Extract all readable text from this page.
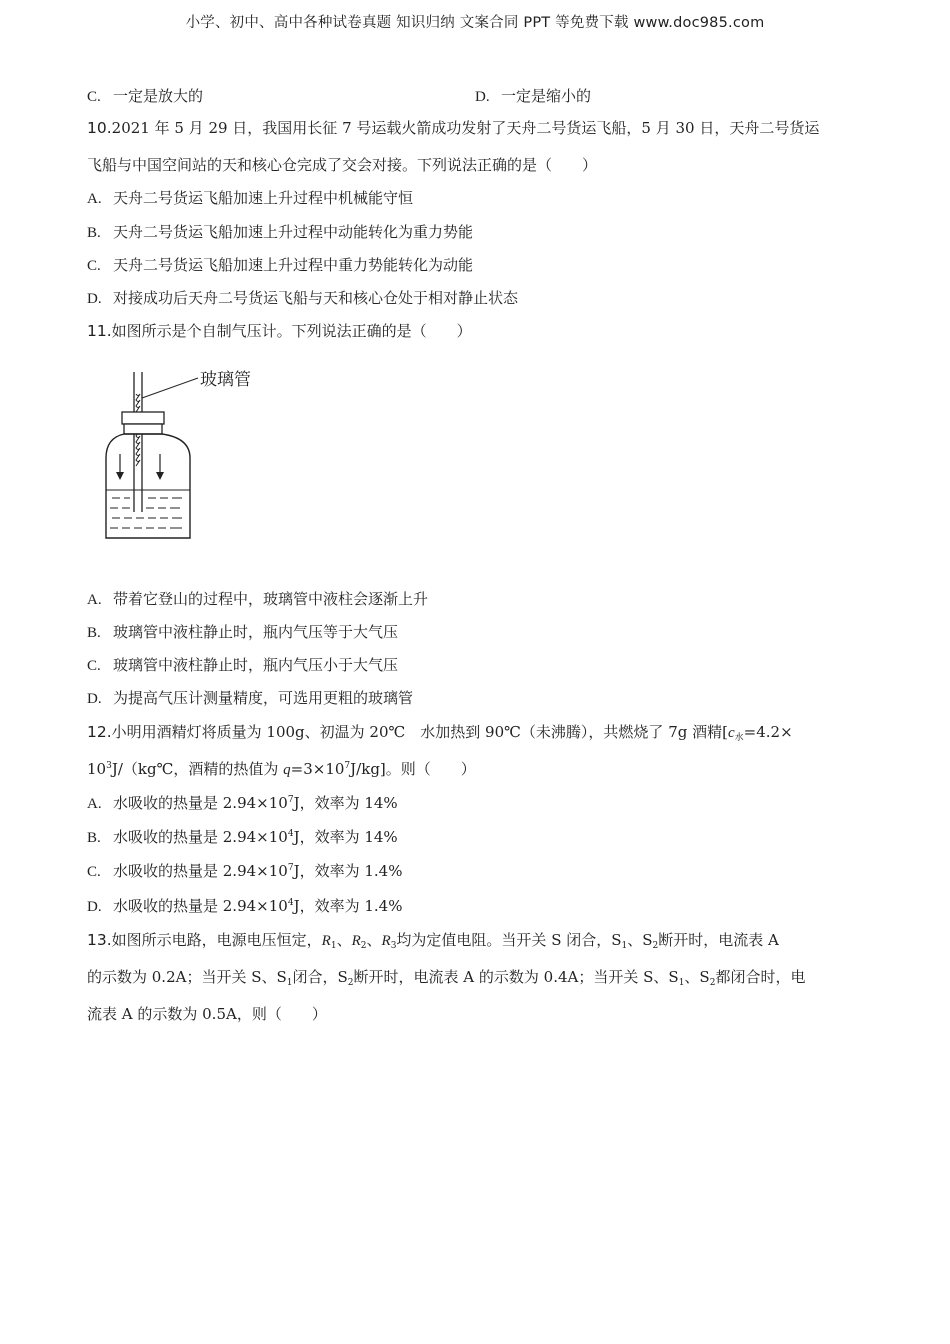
小学、初中、高中各种试卷真题 知识归纳 文案合同 PPT 等免费下载 www.doc985.com
C. 一定是放大的	D. 一定是缩小的
10.2021 年 5 月 29 日，我国用长征 7 号运载火箭成功发射了天舟二号货运飞船，5 月 30 日，天舟二号货运
飞船与中国空间站的天和核心仓完成了交会对接。下列说法正确的是（　　）
A. 天舟二号货运飞船加速上升过程中机械能守恒
B. 天舟二号货运飞船加速上升过程中动能转化为重力势能
C. 天舟二号货运飞船加速上升过程中重力势能转化为动能
D. 对接成功后天舟二号货运飞船与天和核心仓处于相对静止状态
11.如图所示是个自制气压计。下列说法正确的是（　　）
玻璃管
A. 带着它登山的过程中，玻璃管中液柱会逐渐上升
B. 玻璃管中液柱静止时，瓶内气压等于大气压
C. 玻璃管中液柱静止时，瓶内气压小于大气压
D. 为提高气压计测量精度，可选用更粗的玻璃管
12.小明用酒精灯将质量为 100g、初温为 20℃　水加热到 90℃（未沸腾），共燃烧了 7g 酒精[$c_水=4.2\times$
$10^3J/(kg℃$，酒精的热值为 $q=3\times 10^7J/kg$]。则（　　）
A. 水吸收的热量是 $2.94\times 10^7J$，效率为 14%
B. 水吸收的热量是 $2.94\times 10^4J$，效率为 14%
C. 水吸收的热量是 $2.94\times 10^7J$，效率为 1.4%
D. 水吸收的热量是 $2.94\times 10^4J$，效率为 1.4%
13.如图所示电路，电源电压恒定，$R_1$、$R_2$、$R_3$均为定值电阻。当开关 S 闭合，$S_1$、$S_2$断开时，电流表 A
的示数为 0.2A；当开关 S、$S_1$闭合，$S_2$断开时，电流表 A 的示数为 0.4A；当开关 S、$S_1$、$S_2$都闭合时，电
流表 A 的示数为 0.5A，则（　　）
